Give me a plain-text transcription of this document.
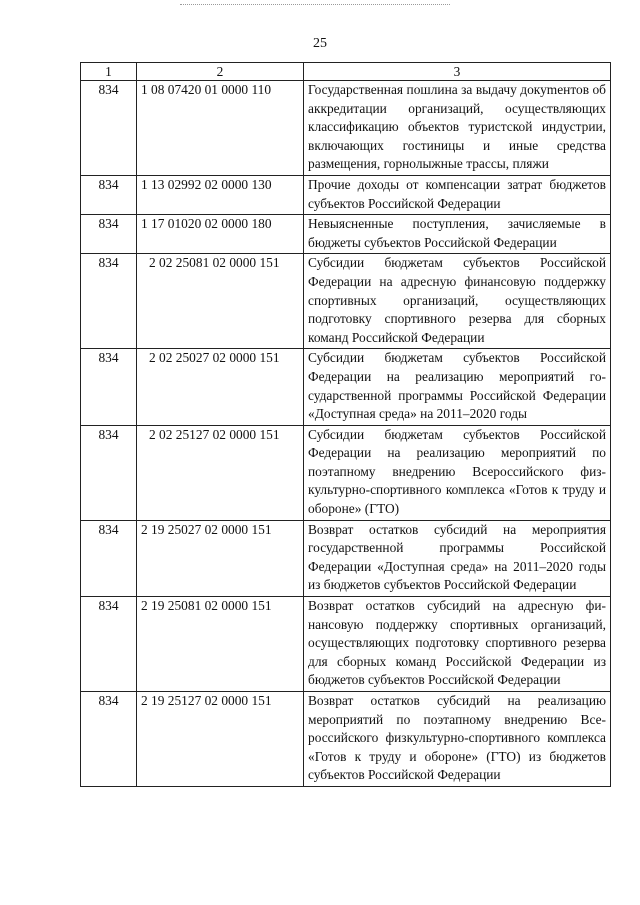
25
1	2	3
834	1 08 07420 01 0000 110	Государственная пошлина за выдачу докуmентов об аккредитации организаций, осуществляющих классификацию объектов туристской индустрии, включающих гостиницы и иные средства размещения, горнолыжные трассы, пляжи
834	1 13 02992 02 0000 130	Прочие доходы от компенсации затрат бюджетов субъектов Российской Федерации
834	1 17 01020 02 0000 180	Невыясненные поступления, зачисляемые в бюджеты субъектов Российской Федерации
834	2 02 25081 02 0000 151	Субсидии бюджетам субъектов Российской Федерации на адресную финансовую поддержку спортивных организаций, осуществляющих подготовку спортивного резерва для сборных команд Российской Федерации
834	2 02 25027 02 0000 151	Субсидии бюджетам субъектов Российской Федерации на реализацию мероприятий государственной программы Российской Федерации «Доступная среда» на 2011–2020 годы
834	2 02 25127 02 0000 151	Субсидии бюджетам субъектов Российской Федерации на реализацию мероприятий по поэтапному внедрению Всероссийского физкультурно-спортивного комплекса «Готов к труду и обороне» (ГТО)
834	2 19 25027 02 0000 151	Возврат остатков субсидий на мероприятия государственной программы Российской Федерации «Доступная среда» на 2011–2020 годы из бюджетов субъектов Российской Федерации
834	2 19 25081 02 0000 151	Возврат остатков субсидий на адресную финансовую поддержку спортивных организаций, осуществляющих подготовку спортивного резерва для сборных команд Российской Федерации из бюджетов субъектов Российской Федерации
834	2 19 25127 02 0000 151	Возврат остатков субсидий на реализацию мероприятий по поэтапному внедрению Всероссийского физкультурно-спортивного комплекса «Готов к труду и обороне» (ГТО) из бюджетов субъектов Российской Федерации
